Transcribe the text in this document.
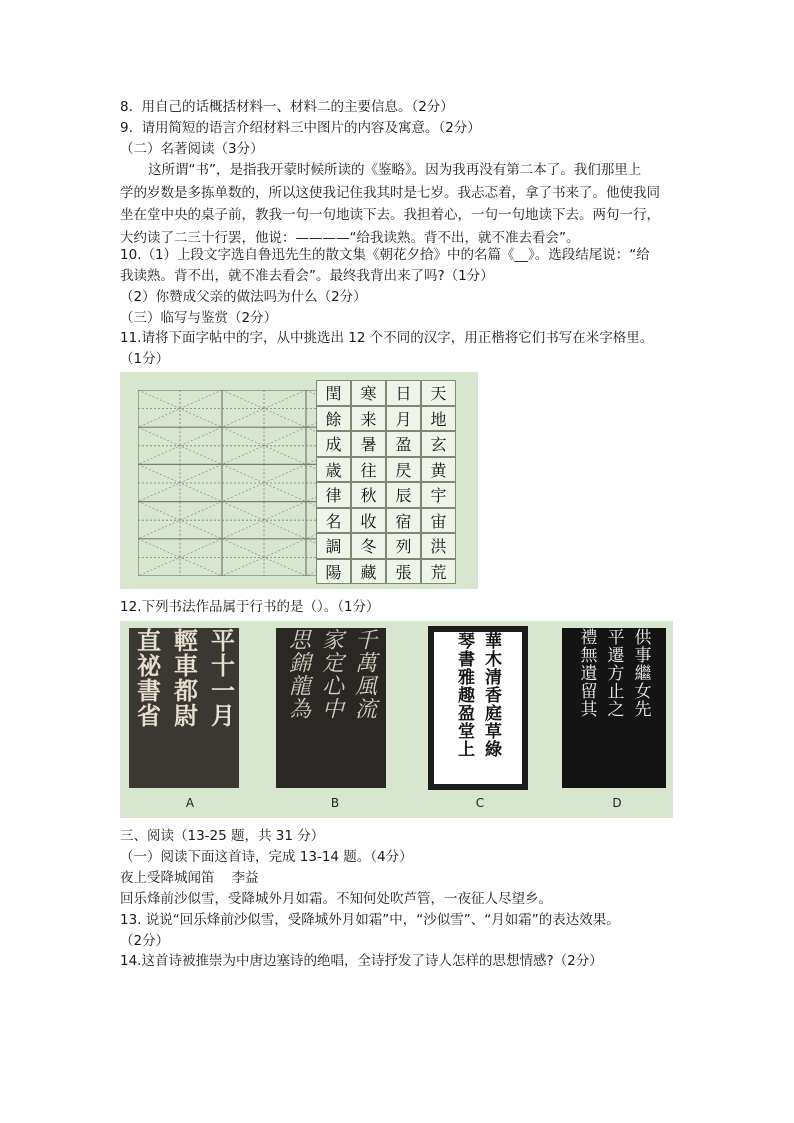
8.  用自己的话概括材料一、材料二的主要信息。（2分）
9.  请用简短的语言介绍材料三中图片的内容及寓意。（2分）
（二）名著阅读（3分）

这所谓“书”，是指我开蒙时候所读的《鉴略》。因为我再没有第二本了。我们那里上

学的岁数是多拣单数的，所以这使我记住我其时是七岁。我忐忑着，拿了书来了。他使我同

坐在堂中央的桌子前，教我一句一句地读下去。我担着心，一句一句地读下去。两句一行，

大约读了二三十行罢，他说：————“给我读熟。背不出，就不准去看会”。

10.（1）上段文字选自鲁迅先生的散文集《朝花夕拾》中的名篇《__》。选段结尾说：“给
我读熟。背不出，就不准去看会”。最终我背出来了吗?（1分）
（2）你赞成父亲的做法吗为什么（2分）
（三）临写与鉴赏（2分）
11.请将下面字帖中的字，从中挑选出 12 个不同的汉字，用正楷将它们书写在米字格里。
（1分）
閏	寒	日	天
餘	来	月	地
成	暑	盈	玄
歳	往	昃	黄
律	秋	辰	宇
名	收	宿	宙
調	冬	列	洪
陽	藏	張	荒
12.下列书法作品属于行书的是（）。（1分）
平十一月
輕車都尉
直祕書省	千萬風流
家定心中
思錦龍為	華木清香庭草綠
琴書雅趣盈堂上	供事繼女先
平遷方止之
禮無遺留其
A	B	C	D
三、阅读（13-25 题，共 31 分）
（一）阅读下面这首诗，完成 13-14 题。（4分）
夜上受降城闻笛    李益
回乐烽前沙似雪，受降城外月如霜。不知何处吹芦管，一夜征人尽望乡。
13. 说说“回乐烽前沙似雪，受降城外月如霜”中，“沙似雪”、“月如霜”的表达效果。
（2分）
14.这首诗被推崇为中唐边塞诗的绝唱，全诗抒发了诗人怎样的思想情感?（2分）
